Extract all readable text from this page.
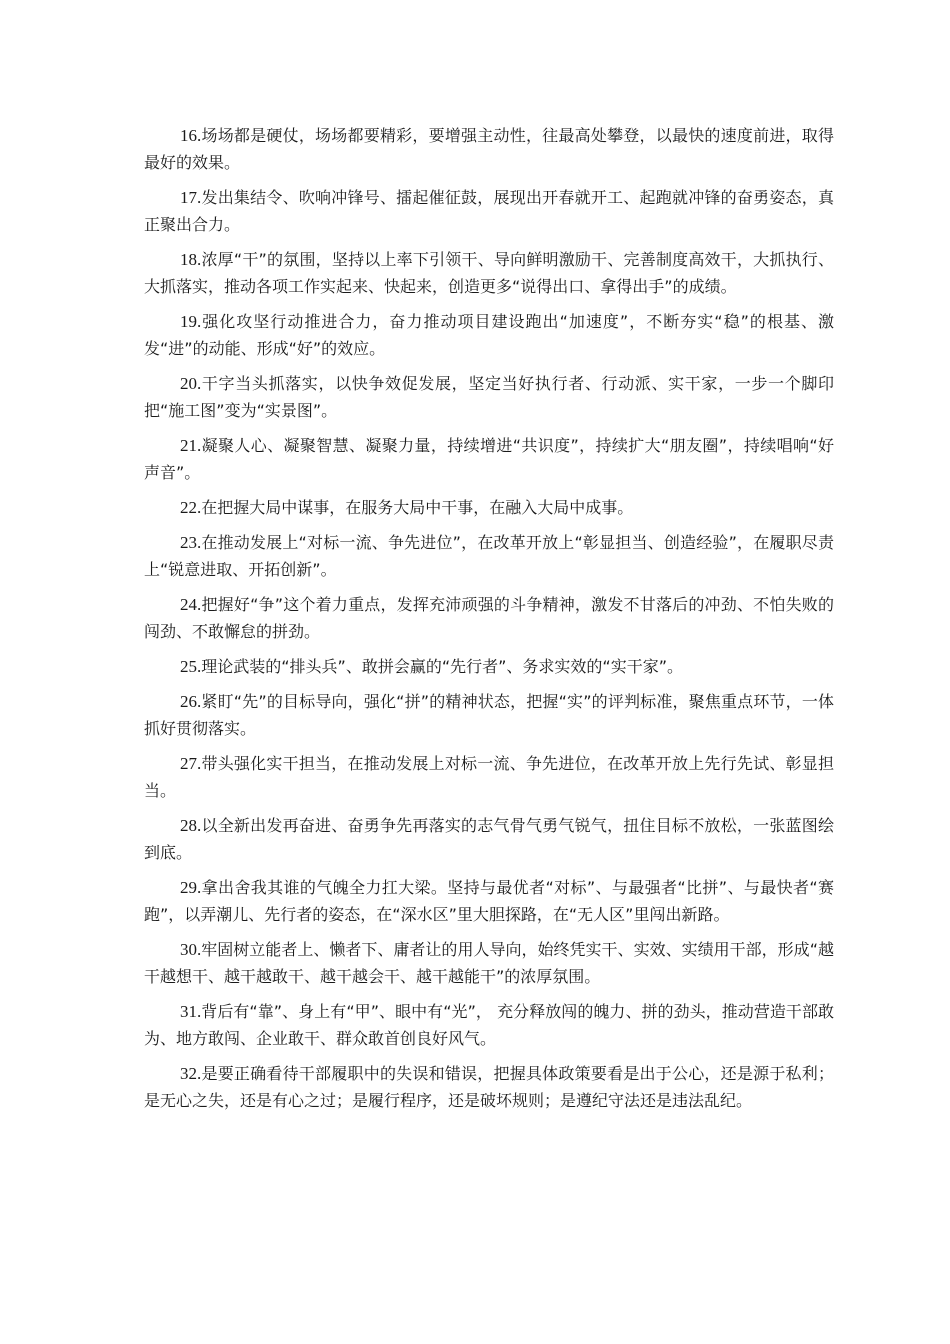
16.场场都是硬仗，场场都要精彩，要增强主动性，往最高处攀登，以最快的速度前进，取得最好的效果。

17.发出集结令、吹响冲锋号、擂起催征鼓，展现出开春就开工、起跑就冲锋的奋勇姿态，真正聚出合力。

18.浓厚“干”的氛围，坚持以上率下引领干、导向鲜明激励干、完善制度高效干，大抓执行、大抓落实，推动各项工作实起来、快起来，创造更多“说得出口、拿得出手”的成绩。

19.强化攻坚行动推进合力，奋力推动项目建设跑出“加速度”，不断夯实“稳”的根基、激发“进”的动能、形成“好”的效应。

20.干字当头抓落实，以快争效促发展，坚定当好执行者、行动派、实干家，一步一个脚印把“施工图”变为“实景图”。

21.凝聚人心、凝聚智慧、凝聚力量，持续增进“共识度”，持续扩大“朋友圈”，持续唱响“好声音”。

22.在把握大局中谋事，在服务大局中干事，在融入大局中成事。

23.在推动发展上“对标一流、争先进位”，在改革开放上“彰显担当、创造经验”，在履职尽责上“锐意进取、开拓创新”。

24.把握好“争”这个着力重点，发挥充沛顽强的斗争精神，激发不甘落后的冲劲、不怕失败的闯劲、不敢懈怠的拼劲。

25.理论武装的“排头兵”、敢拼会赢的“先行者”、务求实效的“实干家”。

26.紧盯“先”的目标导向，强化“拼”的精神状态，把握“实”的评判标准，聚焦重点环节，一体抓好贯彻落实。

27.带头强化实干担当，在推动发展上对标一流、争先进位，在改革开放上先行先试、彰显担当。

28.以全新出发再奋进、奋勇争先再落实的志气骨气勇气锐气，扭住目标不放松，一张蓝图绘到底。

29.拿出舍我其谁的气魄全力扛大梁。坚持与最优者“对标”、与最强者“比拼”、与最快者“赛跑”，以弄潮儿、先行者的姿态，在“深水区”里大胆探路，在“无人区”里闯出新路。

30.牢固树立能者上、懒者下、庸者让的用人导向，始终凭实干、实效、实绩用干部，形成“越干越想干、越干越敢干、越干越会干、越干越能干”的浓厚氛围。

31.背后有“靠”、身上有“甲”、眼中有“光”， 充分释放闯的魄力、拼的劲头，推动营造干部敢为、地方敢闯、企业敢干、群众敢首创良好风气。

32.是要正确看待干部履职中的失误和错误，把握具体政策要看是出于公心，还是源于私利；是无心之失，还是有心之过；是履行程序，还是破坏规则；是遵纪守法还是违法乱纪。
